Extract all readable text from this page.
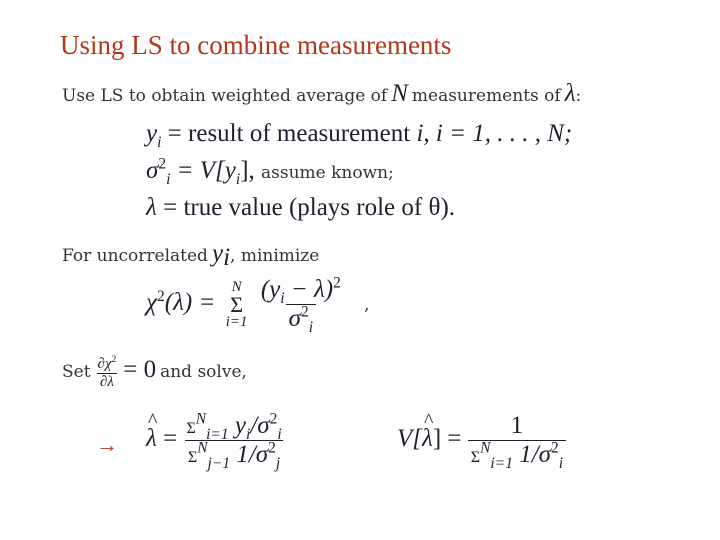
Using LS to combine measurements
Use LS to obtain weighted average of N measurements of λ:
$y_i$ = result of measurement i, i = 1, . . . , N;
$\sigma^2_i = V[y_i]$, assume known;
λ = true value (plays role of θ).
For uncorrelated $y_i$, minimize
$\chi^2(\lambda)$ =
N
Σ
i=1
$\frac{(y_i - \lambda)^2}{\sigma^2_i}$ ,
Set $\frac{\partial\chi^2}{\partial\lambda} = 0$ and solve,
→
^ $\lambda = \frac{\Sigma^N_{i=1} y_i/\sigma^2_i}{\Sigma^N_{j-1} 1/\sigma^2_j}$	V[^ $\lambda] = \frac{1}{\Sigma^N_{i=1} 1/\sigma^2_i}$
